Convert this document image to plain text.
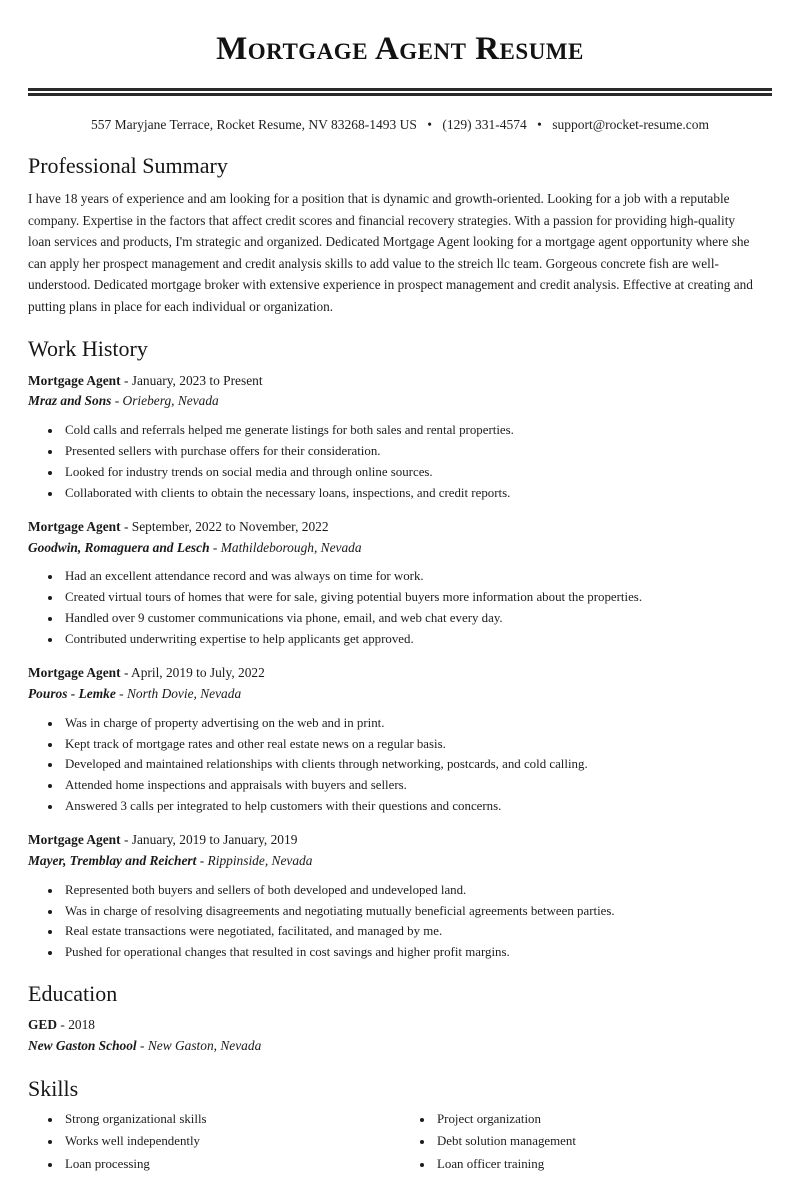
Mortgage Agent Resume
557 Maryjane Terrace, Rocket Resume, NV 83268-1493 US • (129) 331-4574 • support@rocket-resume.com
Professional Summary

I have 18 years of experience and am looking for a position that is dynamic and growth-oriented. Looking for a job with a reputable company. Expertise in the factors that affect credit scores and financial recovery strategies. With a passion for providing high-quality loan services and products, I'm strategic and organized. Dedicated Mortgage Agent looking for a mortgage agent opportunity where she can apply her prospect management and credit analysis skills to add value to the streich llc team. Gorgeous concrete fish are well-understood. Dedicated mortgage broker with extensive experience in prospect management and credit analysis. Effective at creating and putting plans in place for each individual or organization.

Work History
Mortgage Agent - January, 2023 to Present
Mraz and Sons - Orieberg, Nevada
• Cold calls and referrals helped me generate listings for both sales and rental properties.
• Presented sellers with purchase offers for their consideration.
• Looked for industry trends on social media and through online sources.
• Collaborated with clients to obtain the necessary loans, inspections, and credit reports.
Mortgage Agent - September, 2022 to November, 2022
Goodwin, Romaguera and Lesch - Mathildeborough, Nevada
• Had an excellent attendance record and was always on time for work.
• Created virtual tours of homes that were for sale, giving potential buyers more information about the properties.
• Handled over 9 customer communications via phone, email, and web chat every day.
• Contributed underwriting expertise to help applicants get approved.
Mortgage Agent - April, 2019 to July, 2022
Pouros - Lemke - North Dovie, Nevada
• Was in charge of property advertising on the web and in print.
• Kept track of mortgage rates and other real estate news on a regular basis.
• Developed and maintained relationships with clients through networking, postcards, and cold calling.
• Attended home inspections and appraisals with buyers and sellers.
• Answered 3 calls per integrated to help customers with their questions and concerns.
Mortgage Agent - January, 2019 to January, 2019
Mayer, Tremblay and Reichert - Rippinside, Nevada
• Represented both buyers and sellers of both developed and undeveloped land.
• Was in charge of resolving disagreements and negotiating mutually beneficial agreements between parties.
• Real estate transactions were negotiated, facilitated, and managed by me.
• Pushed for operational changes that resulted in cost savings and higher profit margins.
Education
GED - 2018
New Gaston School - New Gaston, Nevada
Skills
• Strong organizational skills
• Works well independently
• Loan processing
• Project organization
• Debt solution management
• Loan officer training
